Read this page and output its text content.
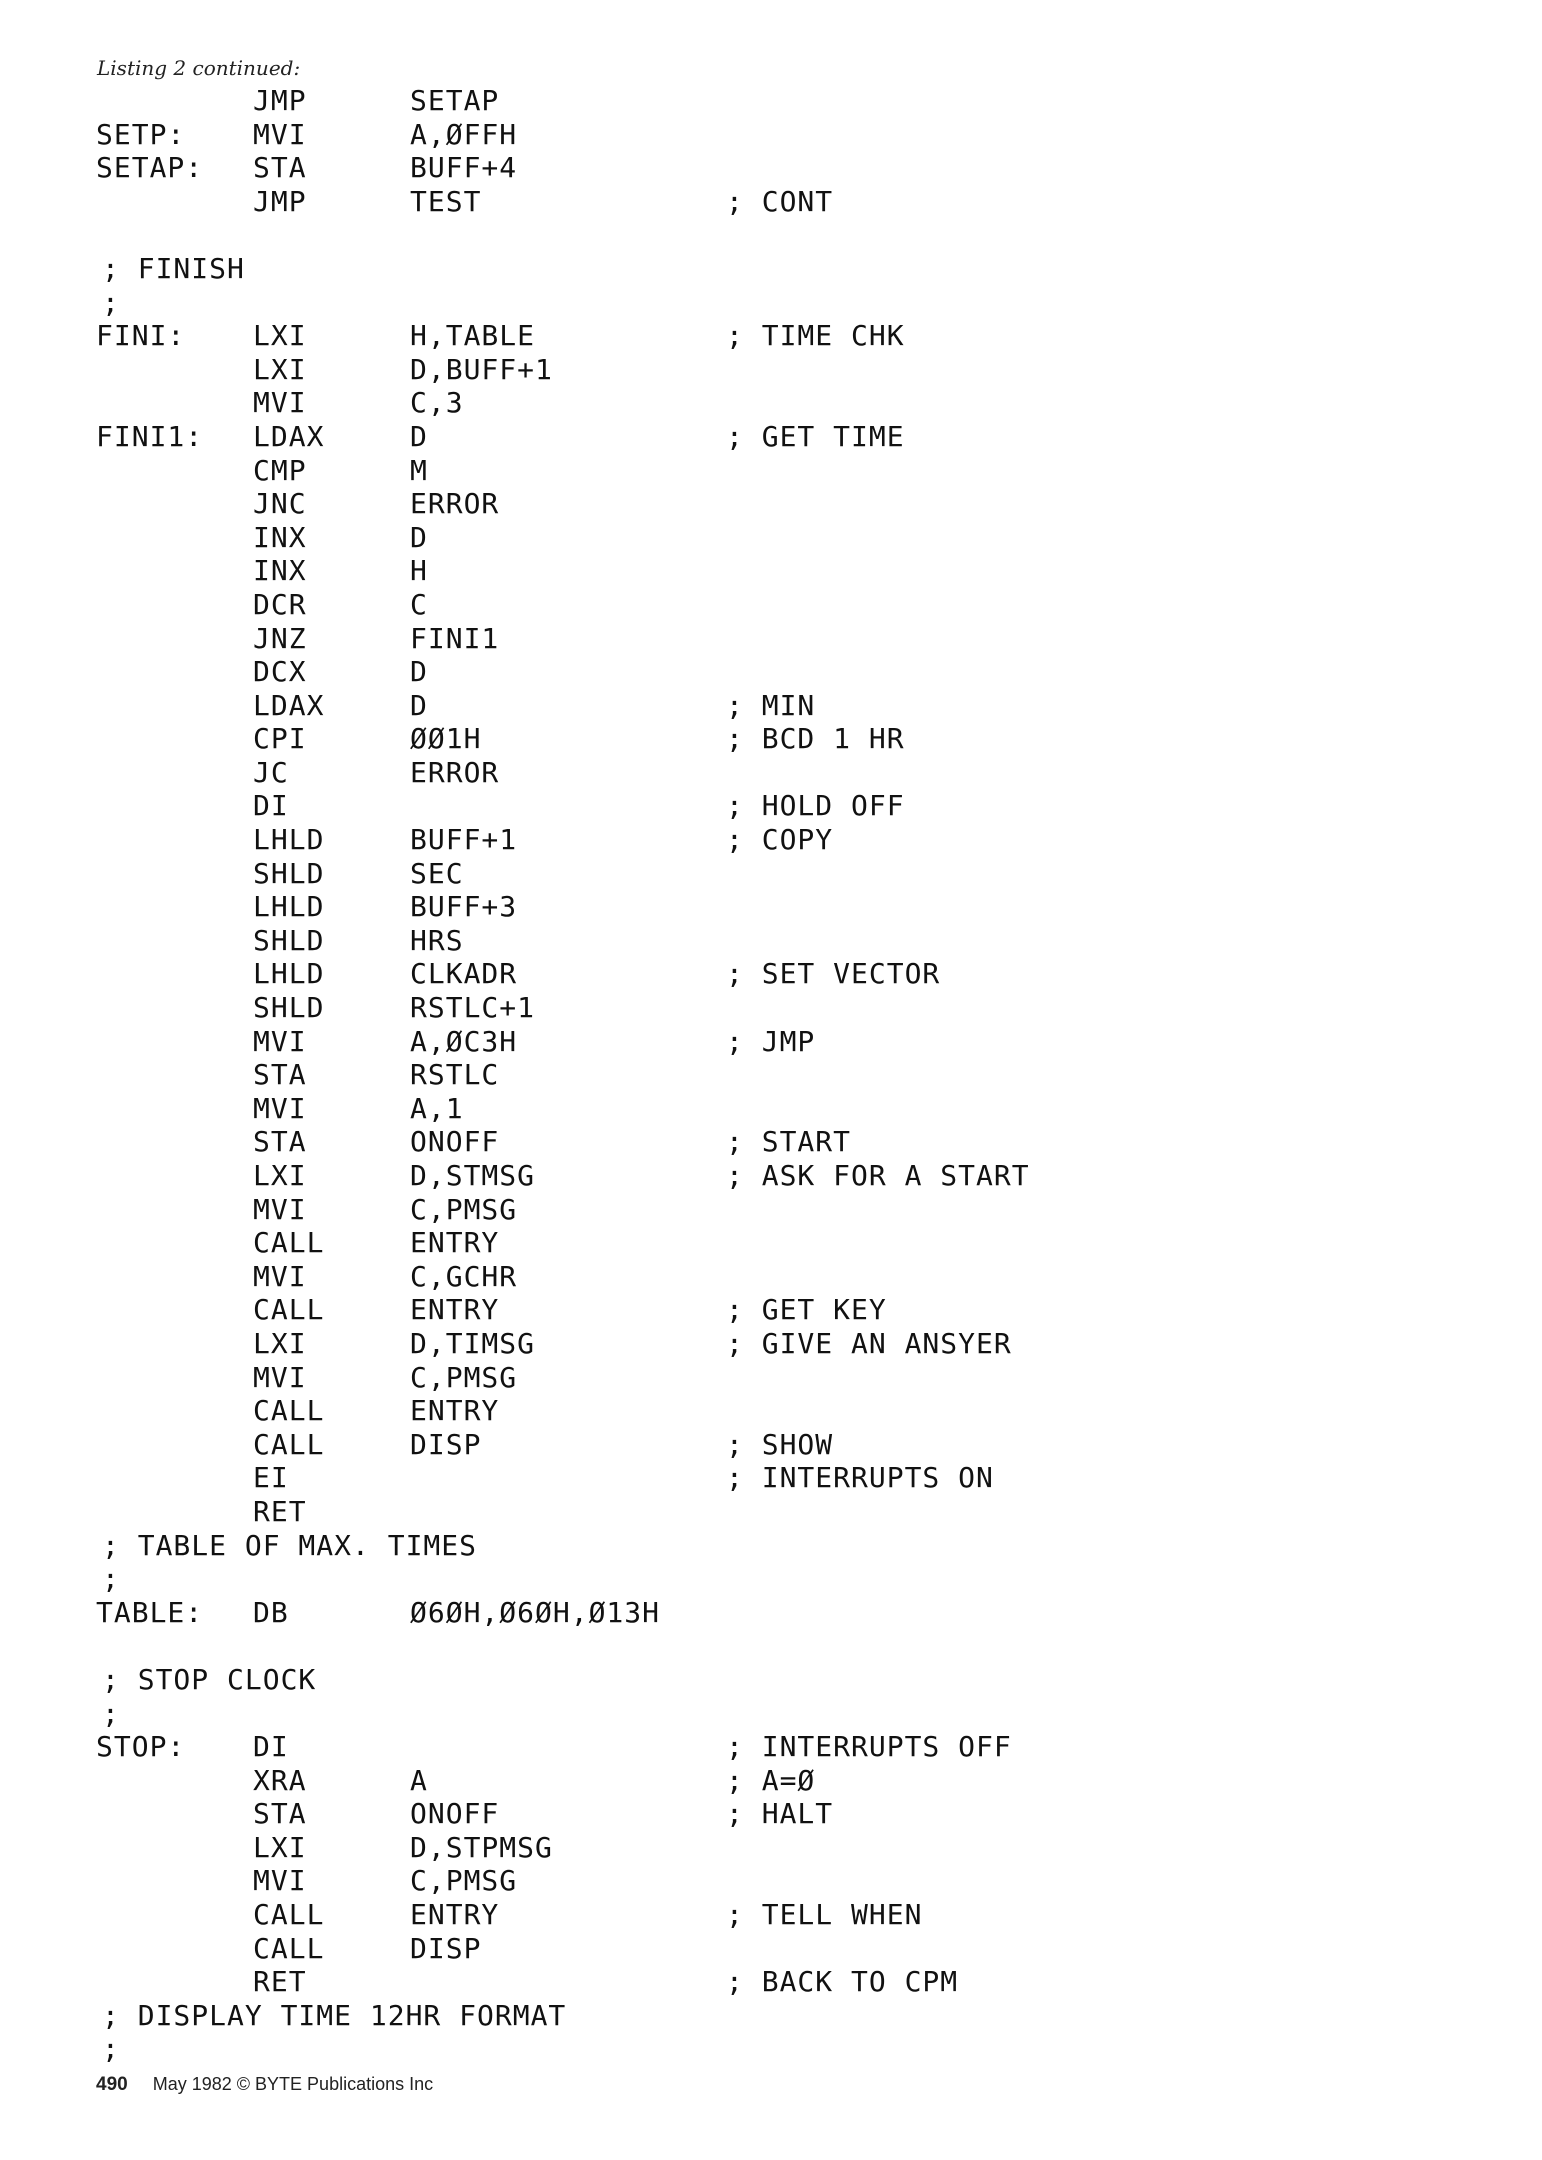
Listing 2 continued:
JMP	SETAP
SETP: MVI	A,ØFFH
SETAP: STA	BUFF+4
JMP	TEST	; CONT
; FINISH
;
FINI: LXI	H,TABLE	; TIME CHK
LXI	D,BUFF+1
MVI	C,3
FINI1: LDAX	D	; GET TIME
CMP	M
JNC	ERROR
INX	D
INX	H
DCR	C
JNZ	FINI1
DCX	D
LDAX	D	; MIN
CPI	ØØ1H	; BCD 1 HR
JC	ERROR
DI	; HOLD OFF
LHLD	BUFF+1	; COPY
SHLD	SEC
LHLD	BUFF+3
SHLD	HRS
LHLD	CLKADR	; SET VECTOR
SHLD	RSTLC+1
MVI	A,ØC3H	; JMP
STA	RSTLC
MVI	A,1
STA	ONOFF	; START
LXI	D,STMSG	; ASK FOR A START
MVI	C,PMSG
CALL	ENTRY
MVI	C,GCHR
CALL	ENTRY	; GET KEY
LXI	D,TIMSG	; GIVE AN ANSYER
MVI	C,PMSG
CALL	ENTRY
CALL	DISP	; SHOW
EI	; INTERRUPTS ON
RET
; TABLE OF MAX. TIMES
;
TABLE: DB	Ø6ØH,Ø6ØH,Ø13H
; STOP CLOCK
;
STOP: DI	; INTERRUPTS OFF
XRA	A	; A=Ø
STA	ONOFF	; HALT
LXI	D,STPMSG
MVI	C,PMSG
CALL	ENTRY	; TELL WHEN
CALL	DISP
RET	; BACK TO CPM
; DISPLAY TIME 12HR FORMAT
;
490 May 1982 © BYTE Publications Inc
